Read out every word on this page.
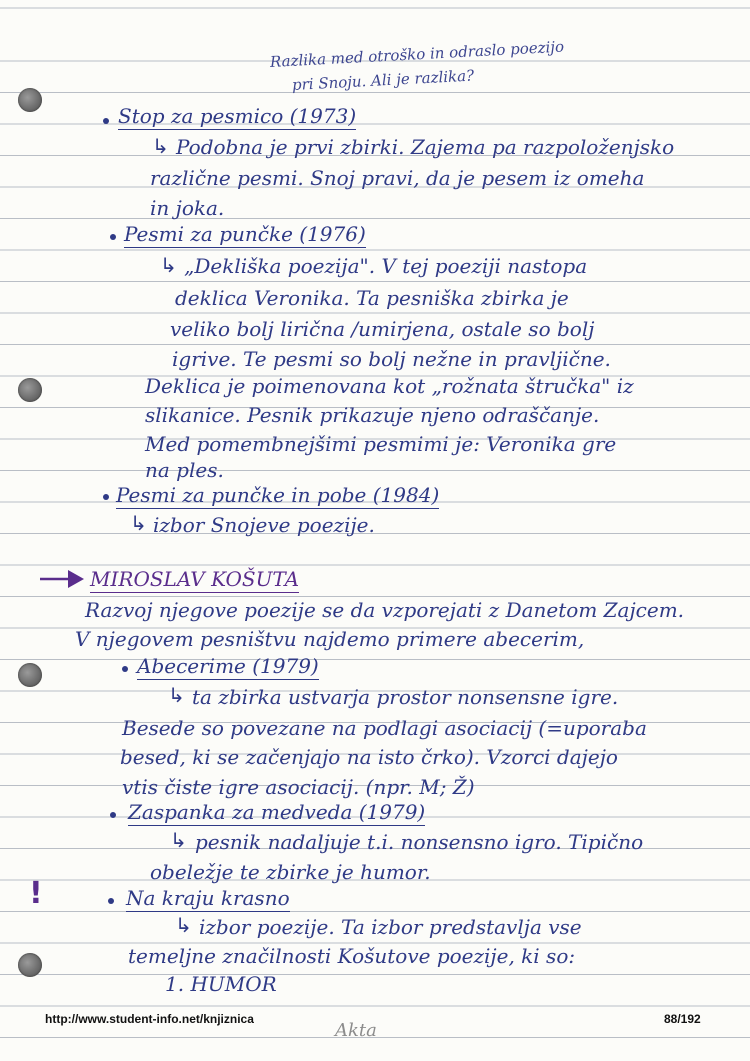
Razlika med otroško in odraslo poezijo
pri Snoju. Ali je razlika?
Stop za pesmico (1973)
↳ Podobna je prvi zbirki. Zajema pa razpoloženjsko
različne pesmi. Snoj pravi, da je pesem iz omeha
in joka.
Pesmi za punčke (1976)
↳ „Dekliška poezija". V tej poeziji nastopa
deklica Veronika. Ta pesniška zbirka je
veliko bolj lirična /umirjena, ostale so bolj
igrive. Te pesmi so bolj nežne in pravljične.
Deklica je poimenovana kot „rožnata štručka" iz
slikanice. Pesnik prikazuje njeno odraščanje.
Med pomembnejšimi pesmimi je: Veronika gre
na ples.
Pesmi za punčke in pobe (1984)
↳ izbor Snojeve poezije.
MIROSLAV KOŠUTA
Razvoj njegove poezije se da vzporejati z Danetom Zajcem.
V njegovem pesništvu najdemo primere abecerim,
Abecerime (1979)
↳ ta zbirka ustvarja prostor nonsensne igre.
Besede so povezane na podlagi asociacij (=uporaba
besed, ki se začenjajo na isto črko). Vzorci dajejo
vtis čiste igre asociacij. (npr. M; Ž)
Zaspanka za medveda (1979)
↳ pesnik nadaljuje t.i. nonsensno igro. Tipično
obeležje te zbirke je humor.
!	Na kraju krasno
↳ izbor poezije. Ta izbor predstavlja vse
temeljne značilnosti Košutove poezije, ki so:
1. HUMOR
http://www.student-info.net/knjiznica
Akta
88/192
